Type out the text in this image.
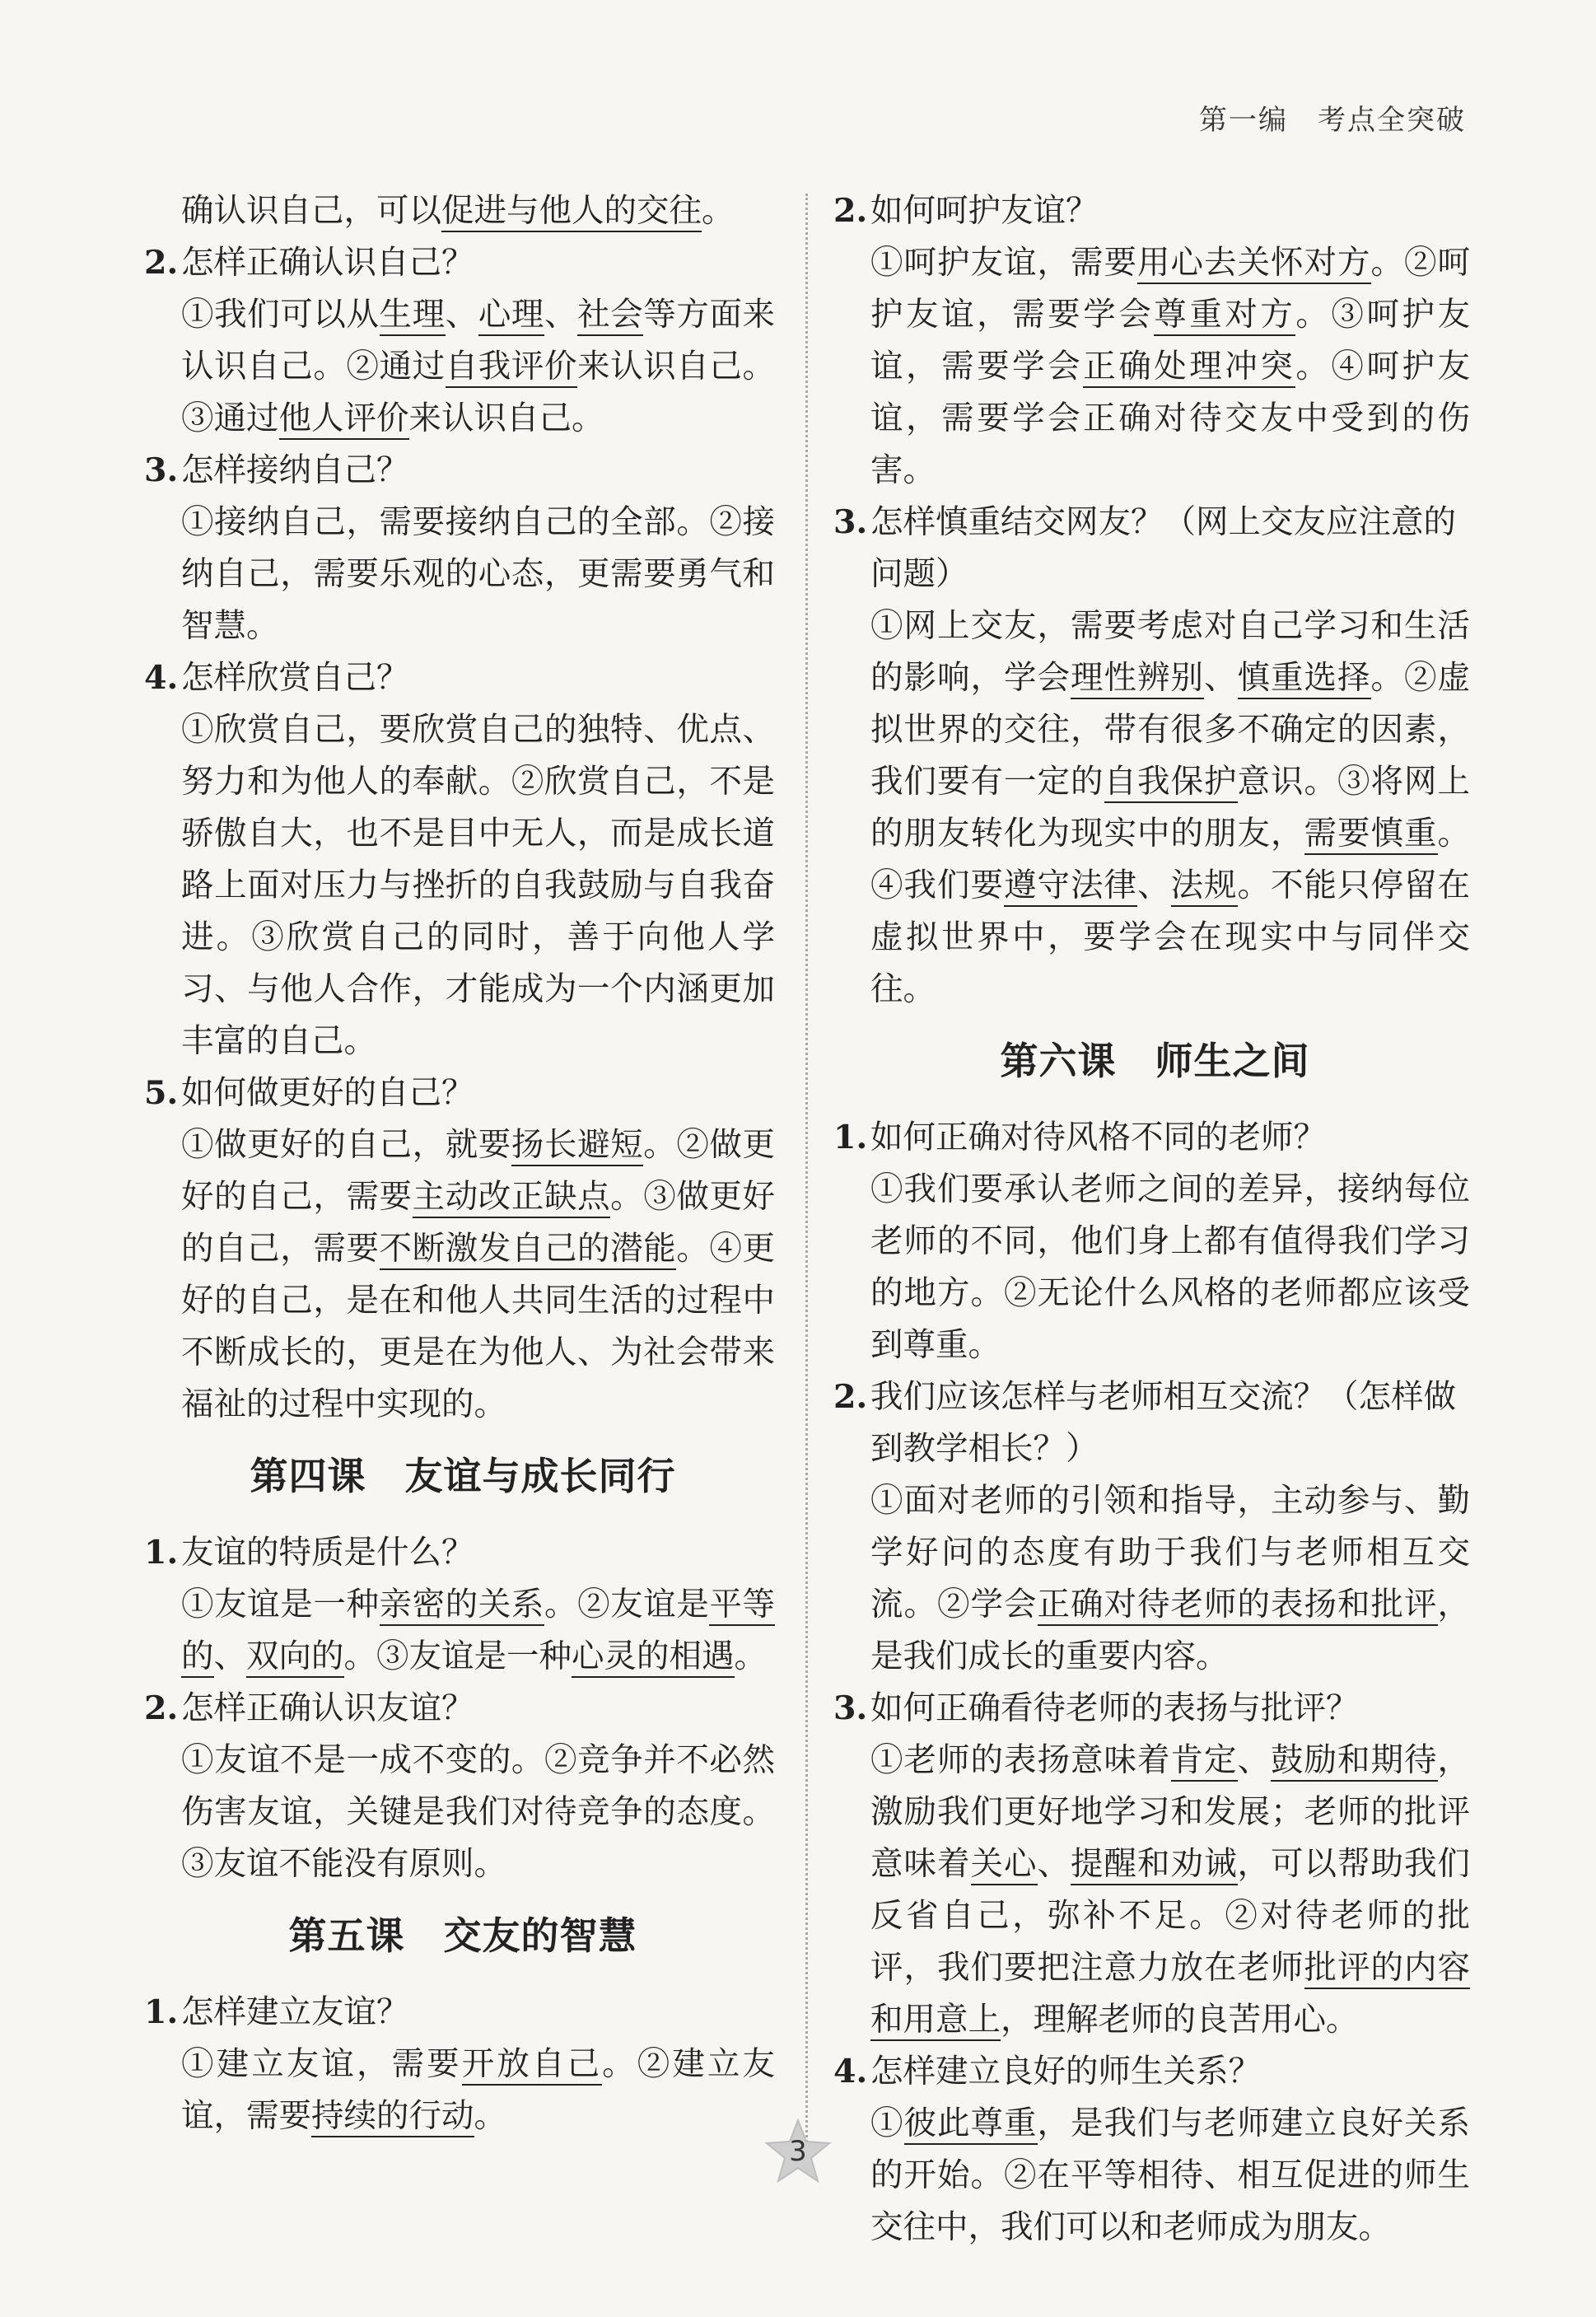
第一编　考点全突破
确认识自己，可以促进与他人的交往。
2. 怎样正确认识自己？
①我们可以从生理、心理、社会等方面来认识自己。②通过自我评价来认识自己。③通过他人评价来认识自己。
3. 怎样接纳自己？
①接纳自己，需要接纳自己的全部。②接纳自己，需要乐观的心态，更需要勇气和智慧。
4. 怎样欣赏自己？
①欣赏自己，要欣赏自己的独特、优点、努力和为他人的奉献。②欣赏自己，不是骄傲自大，也不是目中无人，而是成长道路上面对压力与挫折的自我鼓励与自我奋进。③欣赏自己的同时，善于向他人学习、与他人合作，才能成为一个内涵更加丰富的自己。
5. 如何做更好的自己？
①做更好的自己，就要扬长避短。②做更好的自己，需要主动改正缺点。③做更好的自己，需要不断激发自己的潜能。④更好的自己，是在和他人共同生活的过程中不断成长的，更是在为他人、为社会带来福祉的过程中实现的。
第四课　友谊与成长同行
1. 友谊的特质是什么？
①友谊是一种亲密的关系。②友谊是平等的、双向的。③友谊是一种心灵的相遇。
2. 怎样正确认识友谊？
①友谊不是一成不变的。②竞争并不必然伤害友谊，关键是我们对待竞争的态度。③友谊不能没有原则。
第五课　交友的智慧
1. 怎样建立友谊？
①建立友谊，需要开放自己。②建立友谊，需要持续的行动。
2. 如何呵护友谊？
①呵护友谊，需要用心去关怀对方。②呵护友谊，需要学会尊重对方。③呵护友谊，需要学会正确处理冲突。④呵护友谊，需要学会正确对待交友中受到的伤害。
3. 怎样慎重结交网友？（网上交友应注意的问题）
①网上交友，需要考虑对自己学习和生活的影响，学会理性辨别、慎重选择。②虚拟世界的交往，带有很多不确定的因素，我们要有一定的自我保护意识。③将网上的朋友转化为现实中的朋友，需要慎重。④我们要遵守法律、法规。不能只停留在虚拟世界中，要学会在现实中与同伴交往。
第六课　师生之间
1. 如何正确对待风格不同的老师？
①我们要承认老师之间的差异，接纳每位老师的不同，他们身上都有值得我们学习的地方。②无论什么风格的老师都应该受到尊重。
2. 我们应该怎样与老师相互交流？（怎样做到教学相长？）
①面对老师的引领和指导，主动参与、勤学好问的态度有助于我们与老师相互交流。②学会正确对待老师的表扬和批评，是我们成长的重要内容。
3. 如何正确看待老师的表扬与批评？
①老师的表扬意味着肯定、鼓励和期待，激励我们更好地学习和发展；老师的批评意味着关心、提醒和劝诫，可以帮助我们反省自己，弥补不足。②对待老师的批评，我们要把注意力放在老师批评的内容和用意上，理解老师的良苦用心。
4. 怎样建立良好的师生关系？
①彼此尊重，是我们与老师建立良好关系的开始。②在平等相待、相互促进的师生交往中，我们可以和老师成为朋友。
3
